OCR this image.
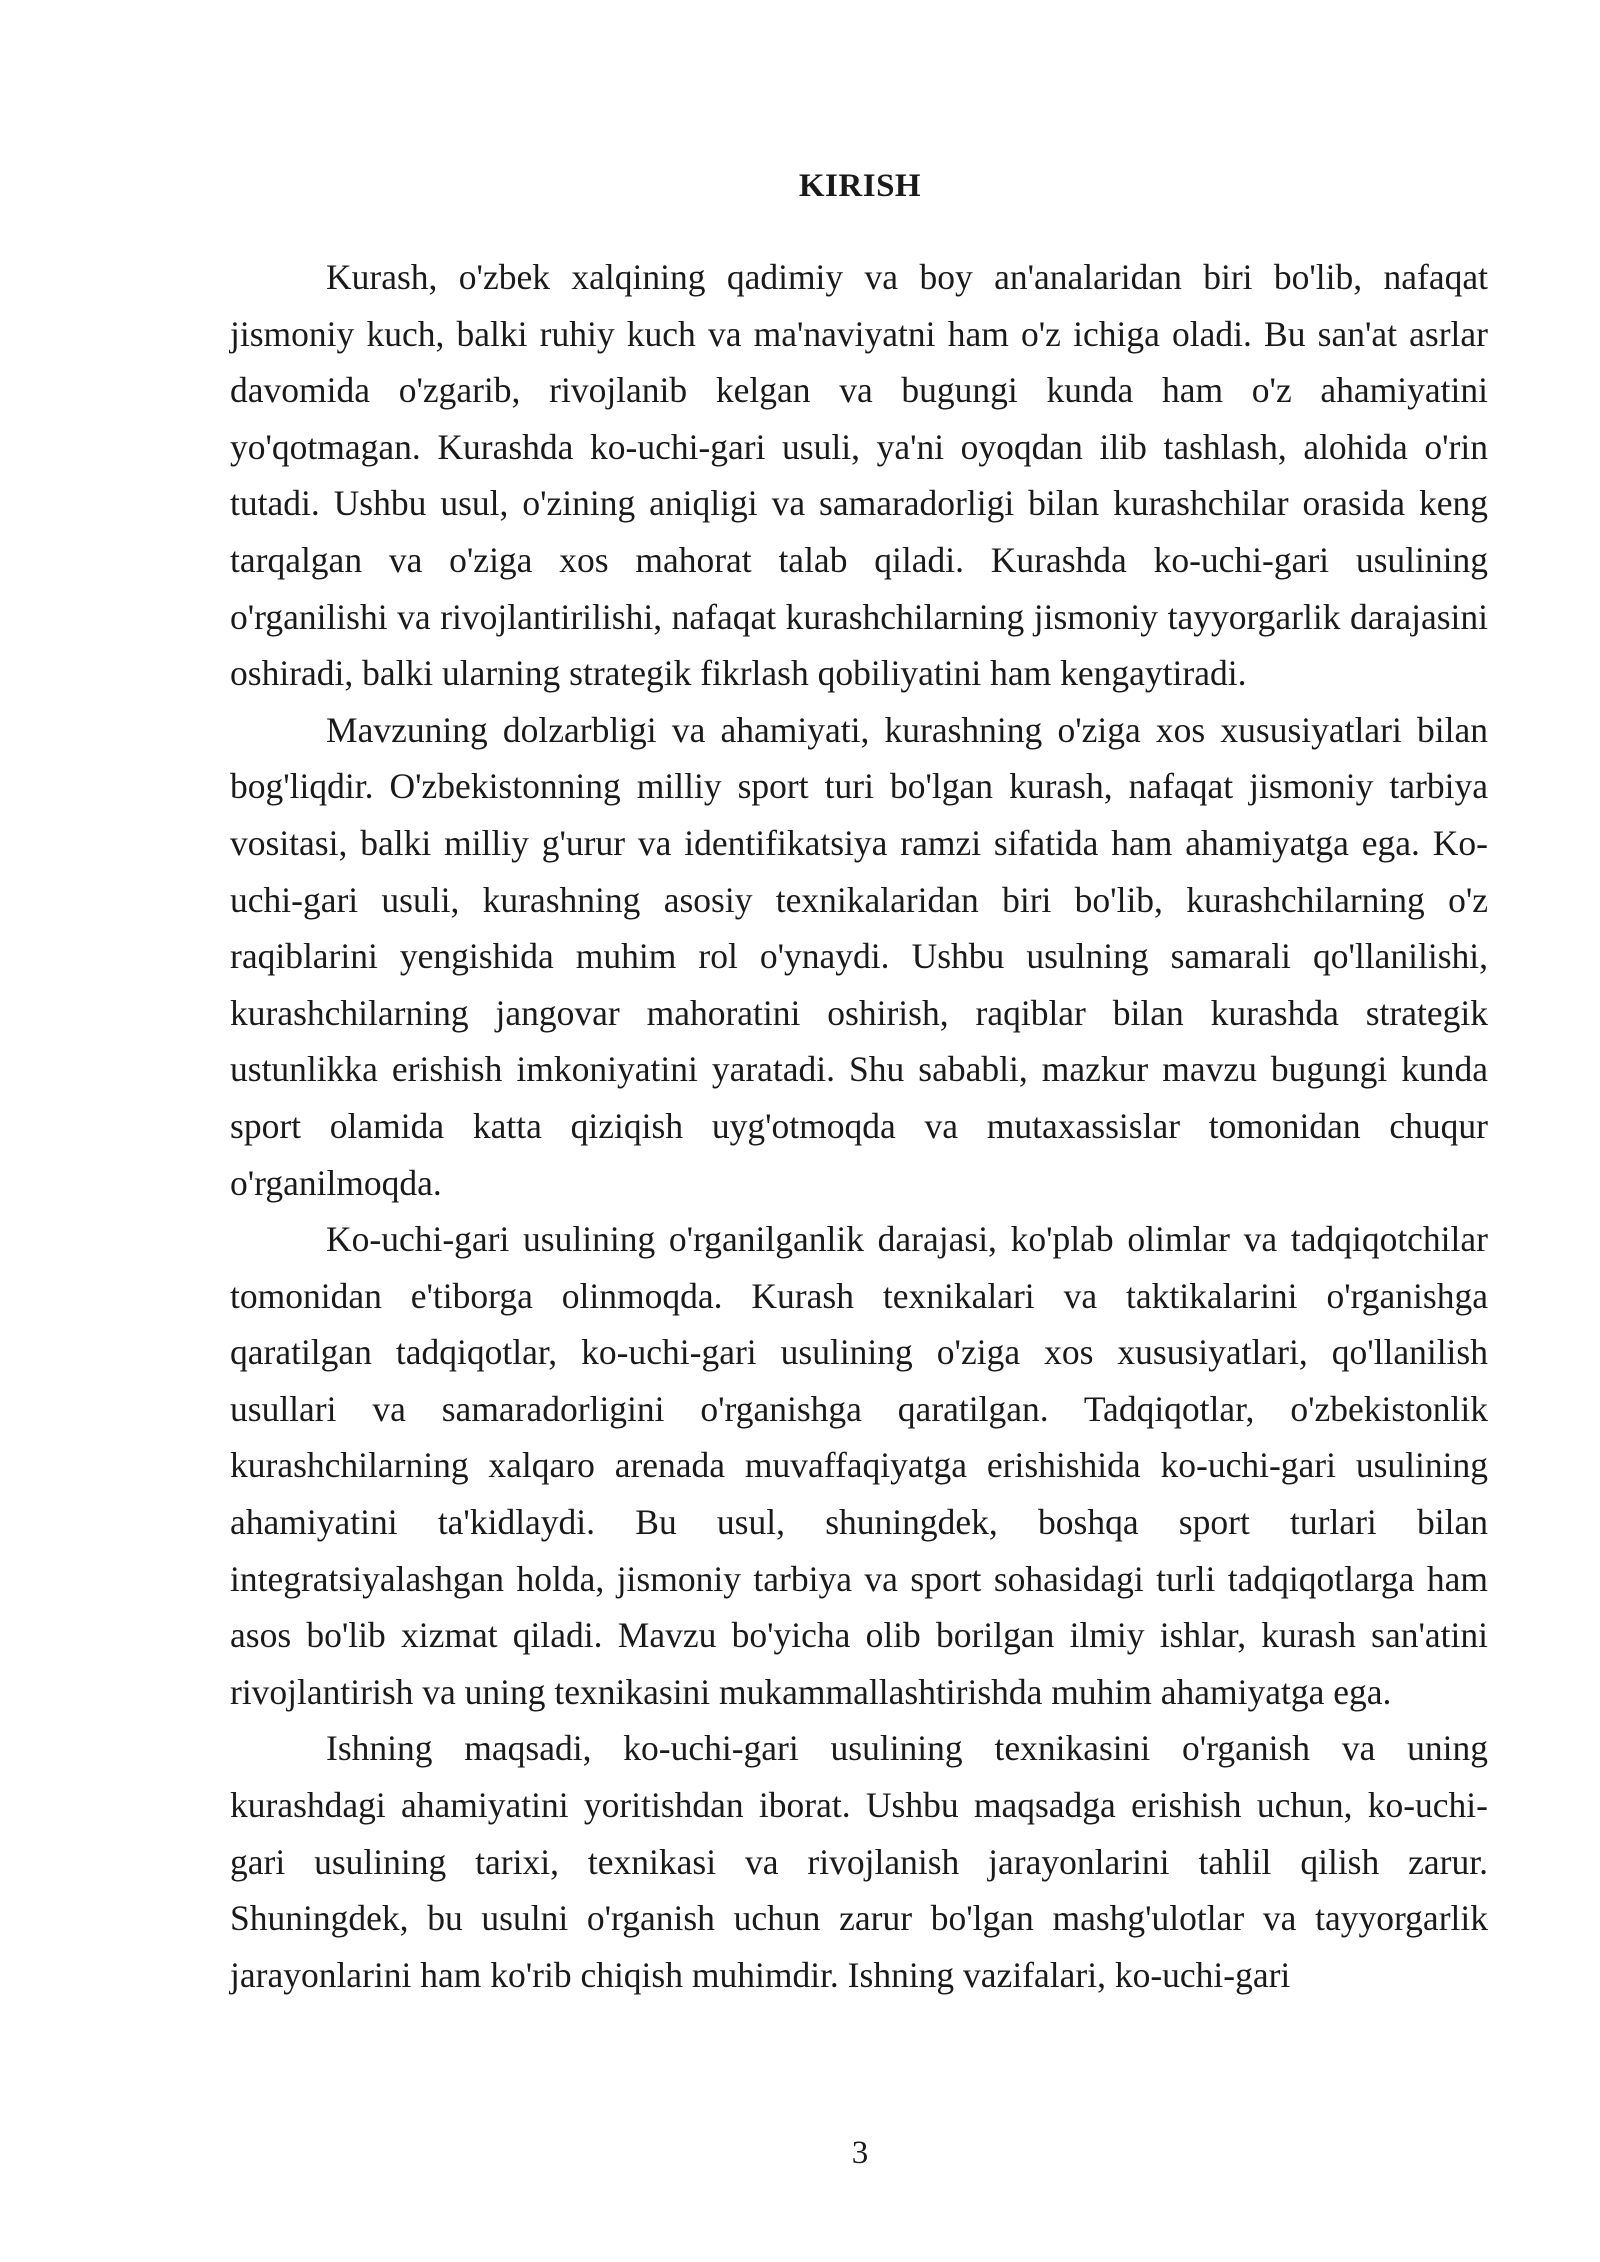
KIRISH

Kurash, o'zbek xalqining qadimiy va boy an'analaridan biri bo'lib, nafaqat jismoniy kuch, balki ruhiy kuch va ma'naviyatni ham o'z ichiga oladi. Bu san'at asrlar davomida o'zgarib, rivojlanib kelgan va bugungi kunda ham o'z ahamiyatini yo'qotmagan. Kurashda ko-uchi-gari usuli, ya'ni oyoqdan ilib tashlash, alohida o'rin tutadi. Ushbu usul, o'zining aniqligi va samaradorligi bilan kurashchilar orasida keng tarqalgan va o'ziga xos mahorat talab qiladi. Kurashda ko-uchi-gari usulining o'rganilishi va rivojlantirilishi, nafaqat kurashchilarning jismoniy tayyorgarlik darajasini oshiradi, balki ularning strategik fikrlash qobiliyatini ham kengaytiradi.

Mavzuning dolzarbligi va ahamiyati, kurashning o'ziga xos xususiyatlari bilan bog'liqdir. O'zbekistonning milliy sport turi bo'lgan kurash, nafaqat jismoniy tarbiya vositasi, balki milliy g'urur va identifikatsiya ramzi sifatida ham ahamiyatga ega. Ko-uchi-gari usuli, kurashning asosiy texnikalaridan biri bo'lib, kurashchilarning o'z raqiblarini yengishida muhim rol o'ynaydi. Ushbu usulning samarali qo'llanilishi, kurashchilarning jangovar mahoratini oshirish, raqiblar bilan kurashda strategik ustunlikka erishish imkoniyatini yaratadi. Shu sababli, mazkur mavzu bugungi kunda sport olamida katta qiziqish uyg'otmoqda va mutaxassislar tomonidan chuqur o'rganilmoqda.

Ko-uchi-gari usulining o'rganilganlik darajasi, ko'plab olimlar va tadqiqotchilar tomonidan e'tiborga olinmoqda. Kurash texnikalari va taktikalarini o'rganishga qaratilgan tadqiqotlar, ko-uchi-gari usulining o'ziga xos xususiyatlari, qo'llanilish usullari va samaradorligini o'rganishga qaratilgan. Tadqiqotlar, o'zbekistonlik kurashchilarning xalqaro arenada muvaffaqiyatga erishishida ko-uchi-gari usulining ahamiyatini ta'kidlaydi. Bu usul, shuningdek, boshqa sport turlari bilan integratsiyalashgan holda, jismoniy tarbiya va sport sohasidagi turli tadqiqotlarga ham asos bo'lib xizmat qiladi. Mavzu bo'yicha olib borilgan ilmiy ishlar, kurash san'atini rivojlantirish va uning texnikasini mukammallashtirishda muhim ahamiyatga ega.

Ishning maqsadi, ko-uchi-gari usulining texnikasini o'rganish va uning kurashdagi ahamiyatini yoritishdan iborat. Ushbu maqsadga erishish uchun, ko-uchi-gari usulining tarixi, texnikasi va rivojlanish jarayonlarini tahlil qilish zarur. Shuningdek, bu usulni o'rganish uchun zarur bo'lgan mashg'ulotlar va tayyorgarlik jarayonlarini ham ko'rib chiqish muhimdir. Ishning vazifalari, ko-uchi-gari

3
